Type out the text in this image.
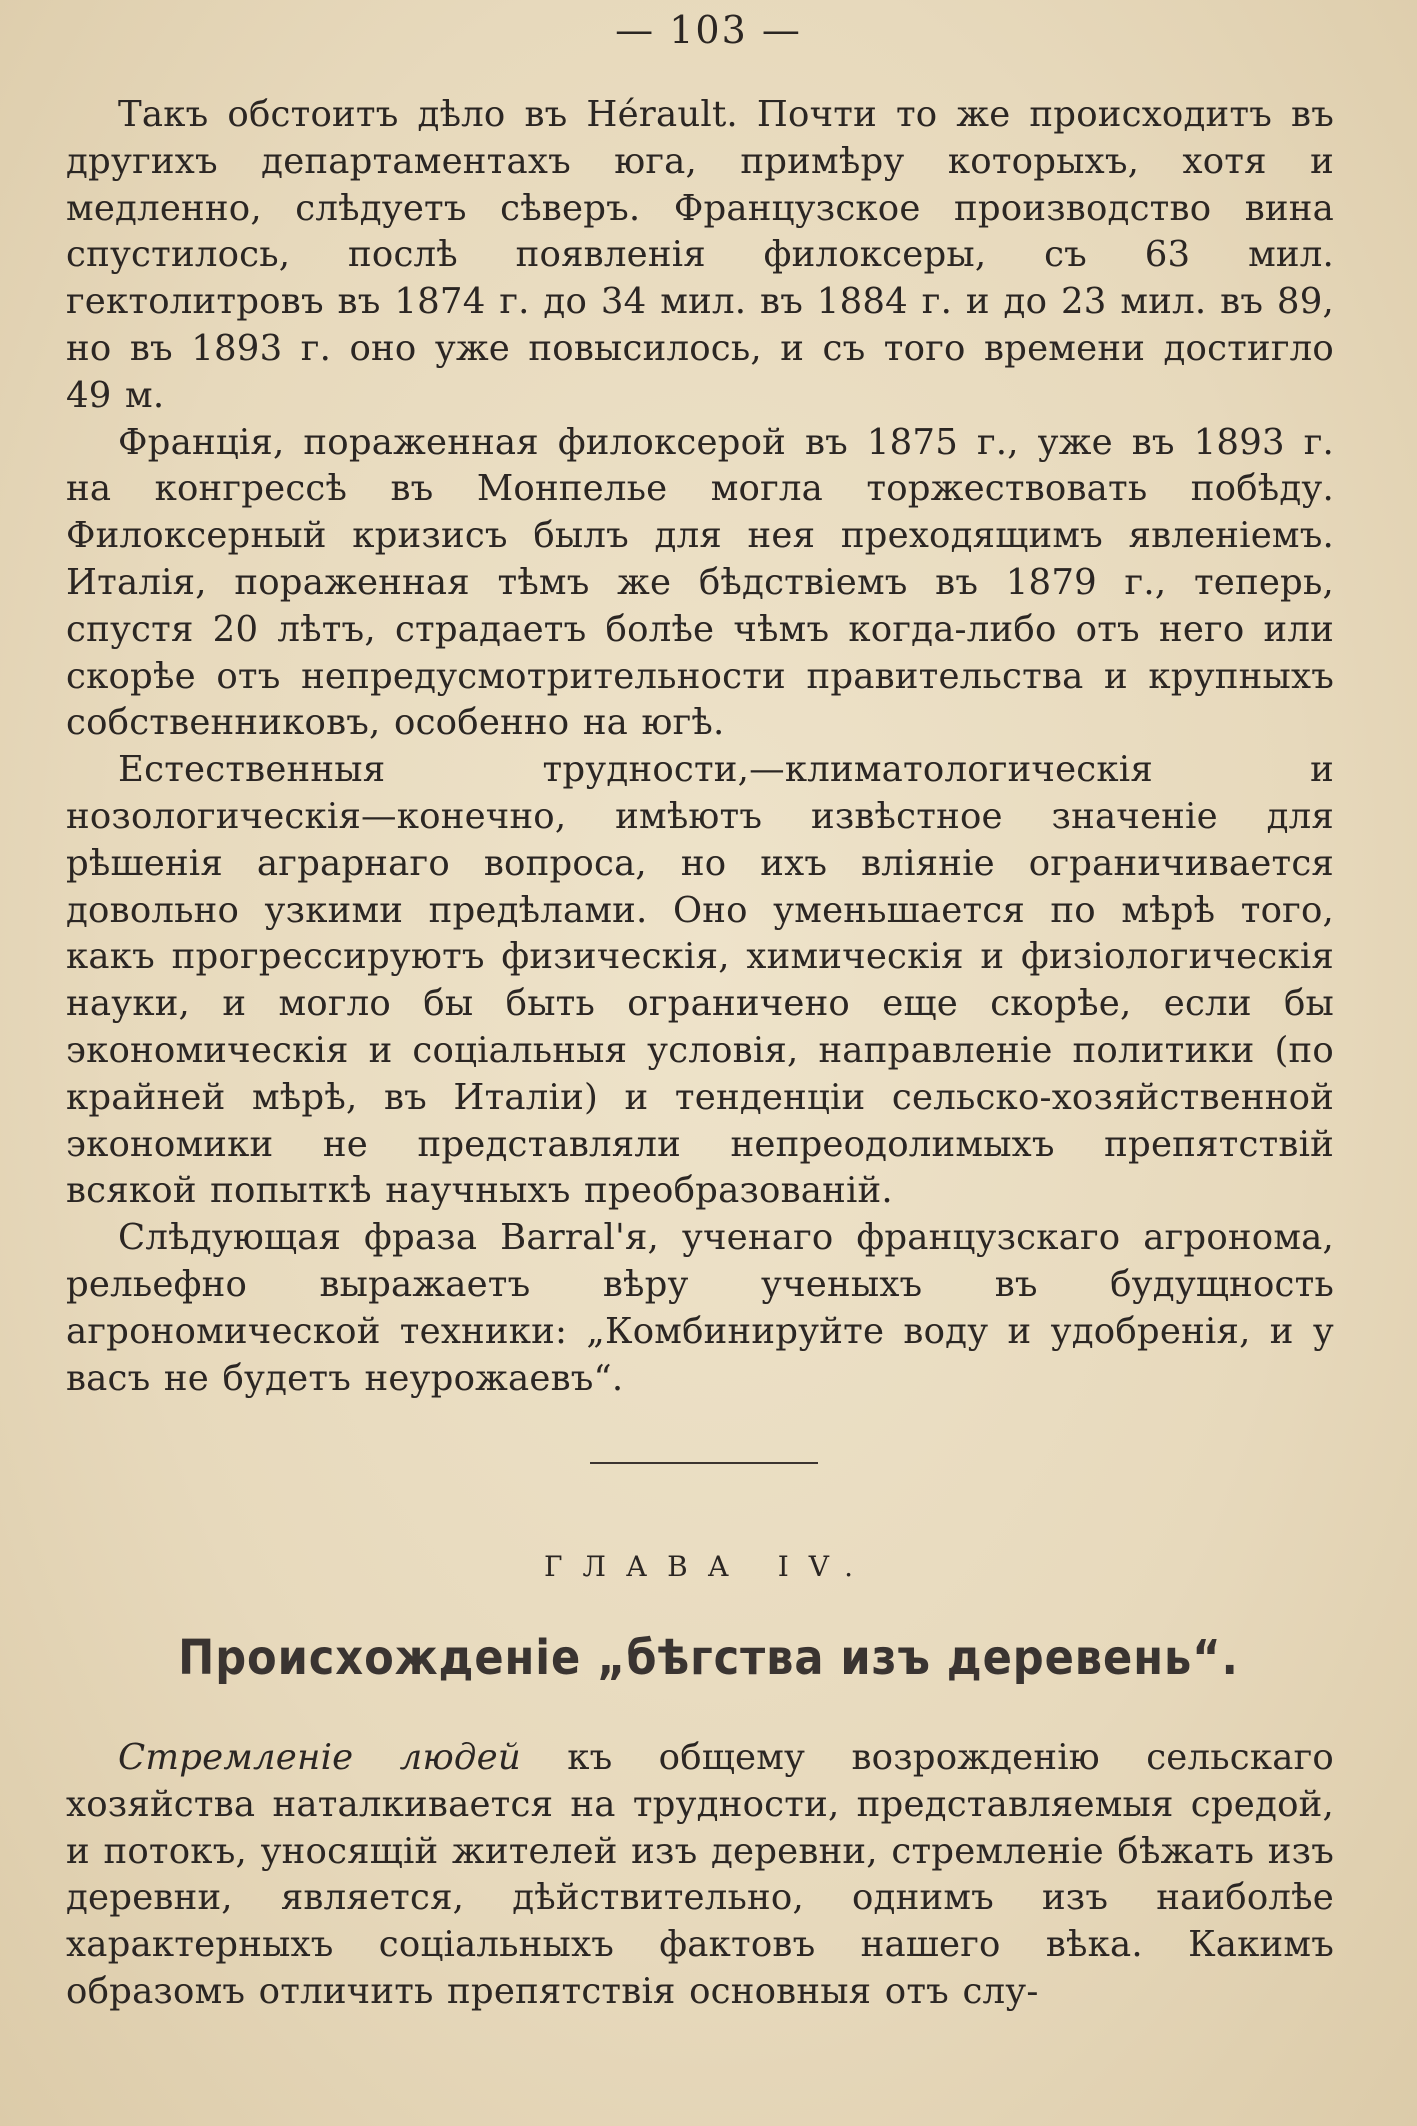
— 103 —

Такъ обстоитъ дѣло въ Hérault. Почти то же происходитъ въ другихъ департаментахъ юга, примѣру которыхъ, хотя и медленно, слѣдуетъ сѣверъ. Французское производство вина спустилось, послѣ появленія филоксеры, съ 63 мил. гектолитровъ въ 1874 г. до 34 мил. въ 1884 г. и до 23 мил. въ 89, но въ 1893 г. оно уже повысилось, и съ того времени достигло 49 м.

Франція, пораженная филоксерой въ 1875 г., уже въ 1893 г. на конгрессѣ въ Монпелье могла торжествовать побѣду. Филоксерный кризисъ былъ для нея преходящимъ явленіемъ. Италія, пораженная тѣмъ же бѣдствіемъ въ 1879 г., теперь, спустя 20 лѣтъ, страдаетъ болѣе чѣмъ когда-либо отъ него или скорѣе отъ непредусмотрительности правительства и крупныхъ собственниковъ, особенно на югѣ.

Естественныя трудности,—климатологическія и нозологическія—конечно, имѣютъ извѣстное значеніе для рѣшенія аграрнаго вопроса, но ихъ вліяніе ограничивается довольно узкими предѣлами. Оно уменьшается по мѣрѣ того, какъ прогрессируютъ физическія, химическія и физіологическія науки, и могло бы быть ограничено еще скорѣе, если бы экономическія и соціальныя условія, направленіе политики (по крайней мѣрѣ, въ Италіи) и тенденціи сельско-хозяйственной экономики не представляли непреодолимыхъ препятствій всякой попыткѣ научныхъ преобразованій.

Слѣдующая фраза Barral'я, ученаго французскаго агронома, рельефно выражаетъ вѣру ученыхъ въ будущность агрономической техники: „Комбинируйте воду и удобренія, и у васъ не будетъ неурожаевъ“.

ГЛАВА IV.
Происхожденіе „бѣгства изъ деревень“.

Стремленіе людей къ общему возрожденію сельскаго хозяйства наталкивается на трудности, представляемыя средой, и потокъ, уносящій жителей изъ деревни, стремленіе бѣжать изъ деревни, является, дѣйствительно, однимъ изъ наиболѣе характерныхъ соціальныхъ фактовъ нашего вѣка. Какимъ образомъ отличить препятствія основныя отъ слу-
